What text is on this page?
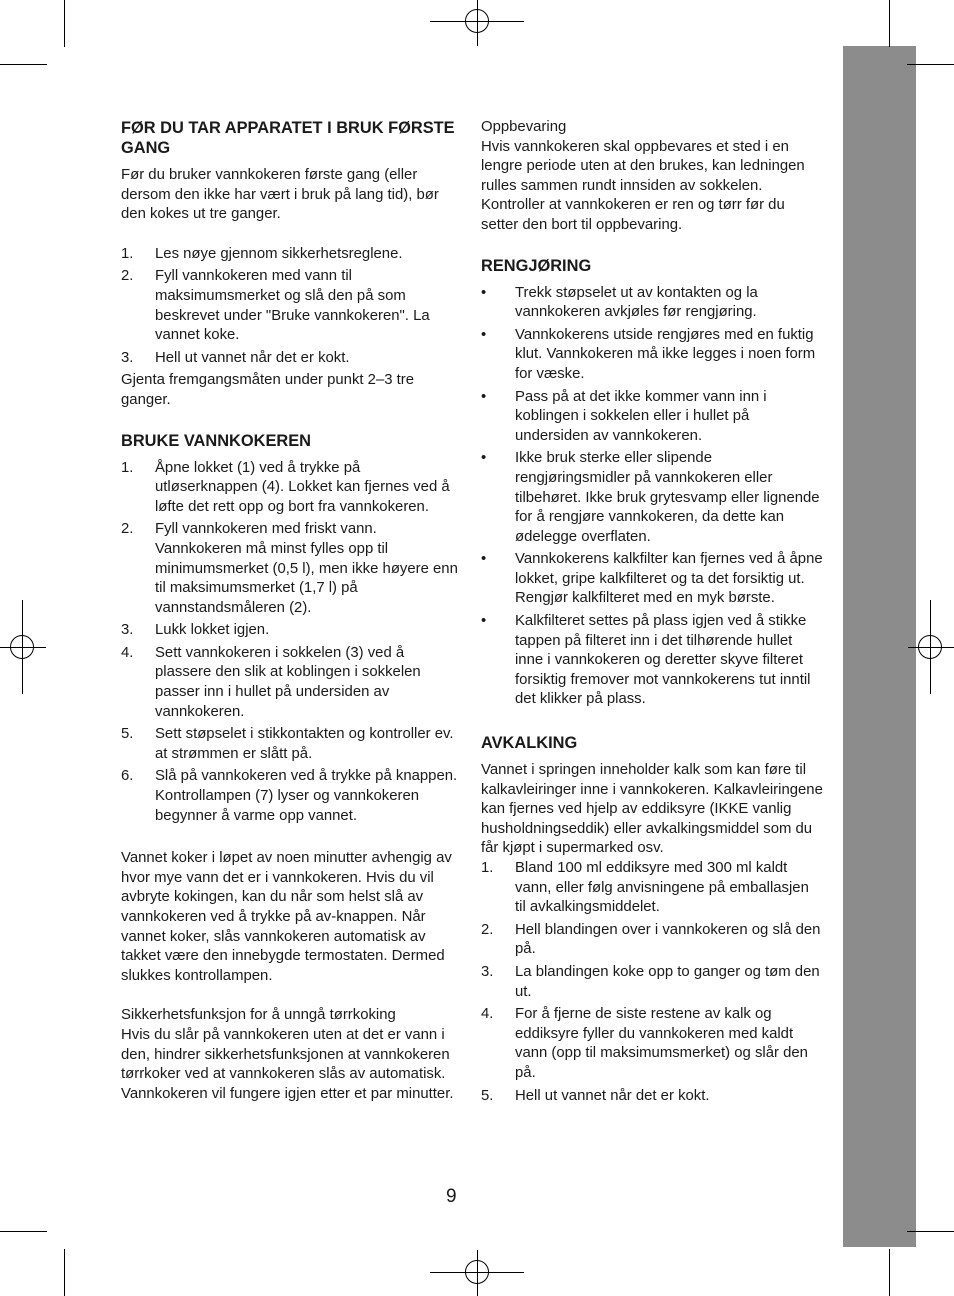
FØR DU TAR APPARATET I BRUK FØRSTE GANG

Før du bruker vannkokeren første gang (eller dersom den ikke har vært i bruk på lang tid), bør den kokes ut tre ganger.

1. Les nøye gjennom sikkerhetsreglene.
2. Fyll vannkokeren med vann til maksimumsmerket og slå den på som beskrevet under "Bruke vannkokeren". La vannet koke.
3. Hell ut vannet når det er kokt.

Gjenta fremgangsmåten under punkt 2–3 tre ganger.

BRUKE VANNKOKEREN
1. Åpne lokket (1) ved å trykke på utløserknappen (4). Lokket kan fjernes ved å løfte det rett opp og bort fra vannkokeren.
2. Fyll vannkokeren med friskt vann. Vannkokeren må minst fylles opp til minimumsmerket (0,5 l), men ikke høyere enn til maksimumsmerket (1,7 l) på vannstandsmåleren (2).
3. Lukk lokket igjen.
4. Sett vannkokeren i sokkelen (3) ved å plassere den slik at koblingen i sokkelen passer inn i hullet på undersiden av vannkokeren.
5. Sett støpselet i stikkontakten og kontroller ev. at strømmen er slått på.
6. Slå på vannkokeren ved å trykke på knappen. Kontrollampen (7) lyser og vannkokeren begynner å varme opp vannet.

Vannet koker i løpet av noen minutter avhengig av hvor mye vann det er i vannkokeren. Hvis du vil avbryte kokingen, kan du når som helst slå av vannkokeren ved å trykke på av-knappen. Når vannet koker, slås vannkokeren automatisk av takket være den innebygde termostaten. Dermed slukkes kontrollampen.

Sikkerhetsfunksjon for å unngå tørrkoking

Hvis du slår på vannkokeren uten at det er vann i den, hindrer sikkerhetsfunksjonen at vannkokeren tørrkoker ved at vannkokeren slås av automatisk.

Vannkokeren vil fungere igjen etter et par minutter.

Oppbevaring

Hvis vannkokeren skal oppbevares et sted i en lengre periode uten at den brukes, kan ledningen rulles sammen rundt innsiden av sokkelen. Kontroller at vannkokeren er ren og tørr før du setter den bort til oppbevaring.

RENGJØRING
• Trekk støpselet ut av kontakten og la vannkokeren avkjøles før rengjøring.
• Vannkokerens utside rengjøres med en fuktig klut. Vannkokeren må ikke legges i noen form for væske.
• Pass på at det ikke kommer vann inn i koblingen i sokkelen eller i hullet på undersiden av vannkokeren.
• Ikke bruk sterke eller slipende rengjøringsmidler på vannkokeren eller tilbehøret. Ikke bruk grytesvamp eller lignende for å rengjøre vannkokeren, da dette kan ødelegge overflaten.
• Vannkokerens kalkfilter kan fjernes ved å åpne lokket, gripe kalkfilteret og ta det forsiktig ut. Rengjør kalkfilteret med en myk børste.
• Kalkfilteret settes på plass igjen ved å stikke tappen på filteret inn i det tilhørende hullet inne i vannkokeren og deretter skyve filteret forsiktig fremover mot vannkokerens tut inntil det klikker på plass.
AVKALKING

Vannet i springen inneholder kalk som kan føre til kalkavleiringer inne i vannkokeren. Kalkavleiringene kan fjernes ved hjelp av eddiksyre (IKKE vanlig husholdningseddik) eller avkalkingsmiddel som du får kjøpt i supermarked osv.

1. Bland 100 ml eddiksyre med 300 ml kaldt vann, eller følg anvisningene på emballasjen til avkalkingsmiddelet.
2. Hell blandingen over i vannkokeren og slå den på.
3. La blandingen koke opp to ganger og tøm den ut.
4. For å fjerne de siste restene av kalk og eddiksyre fyller du vannkokeren med kaldt vann (opp til maksimumsmerket) og slår den på.
5. Hell ut vannet når det er kokt.
9
